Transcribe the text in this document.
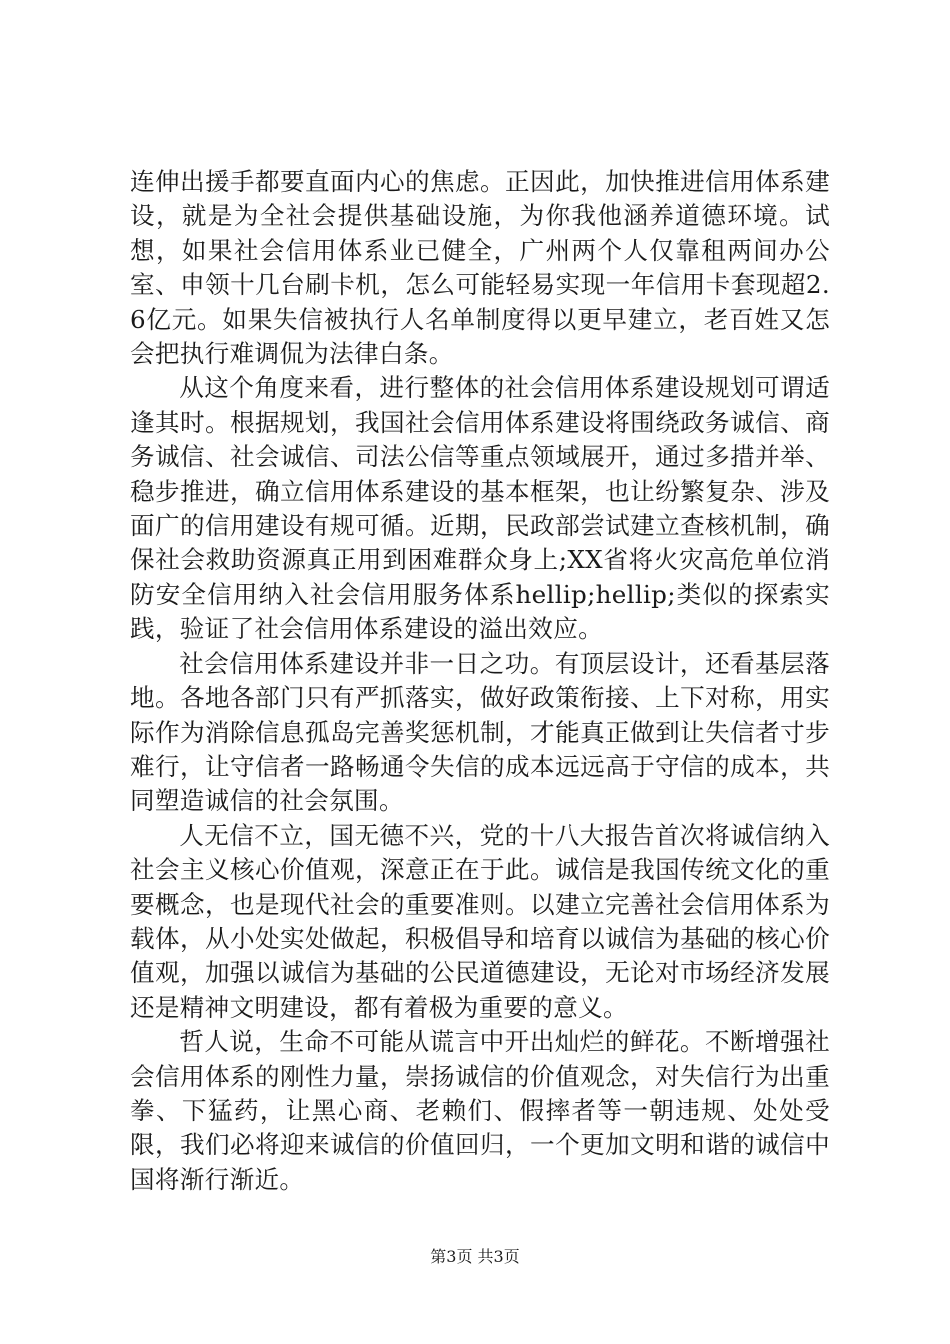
连伸出援手都要直面内心的焦虑。正因此，加快推进信用体系建设，就是为全社会提供基础设施，为你我他涵养道德环境。试想，如果社会信用体系业已健全，广州两个人仅靠租两间办公室、申领十几台刷卡机，怎么可能轻易实现一年信用卡套现超2.6亿元。如果失信被执行人名单制度得以更早建立，老百姓又怎会把执行难调侃为法律白条。

从这个角度来看，进行整体的社会信用体系建设规划可谓适逢其时。根据规划，我国社会信用体系建设将围绕政务诚信、商务诚信、社会诚信、司法公信等重点领域展开，通过多措并举、稳步推进，确立信用体系建设的基本框架，也让纷繁复杂、涉及面广的信用建设有规可循。近期，民政部尝试建立查核机制，确保社会救助资源真正用到困难群众身上;XX省将火灾高危单位消防安全信用纳入社会信用服务体系hellip;hellip;类似的探索实践，验证了社会信用体系建设的溢出效应。

社会信用体系建设并非一日之功。有顶层设计，还看基层落地。各地各部门只有严抓落实，做好政策衔接、上下对称，用实际作为消除信息孤岛完善奖惩机制，才能真正做到让失信者寸步难行，让守信者一路畅通令失信的成本远远高于守信的成本，共同塑造诚信的社会氛围。

人无信不立，国无德不兴，党的十八大报告首次将诚信纳入社会主义核心价值观，深意正在于此。诚信是我国传统文化的重要概念，也是现代社会的重要准则。以建立完善社会信用体系为载体，从小处实处做起，积极倡导和培育以诚信为基础的核心价值观，加强以诚信为基础的公民道德建设，无论对市场经济发展还是精神文明建设，都有着极为重要的意义。

哲人说，生命不可能从谎言中开出灿烂的鲜花。不断增强社会信用体系的刚性力量，崇扬诚信的价值观念，对失信行为出重拳、下猛药，让黑心商、老赖们、假摔者等一朝违规、处处受限，我们必将迎来诚信的价值回归，一个更加文明和谐的诚信中国将渐行渐近。

第3页 共3页
